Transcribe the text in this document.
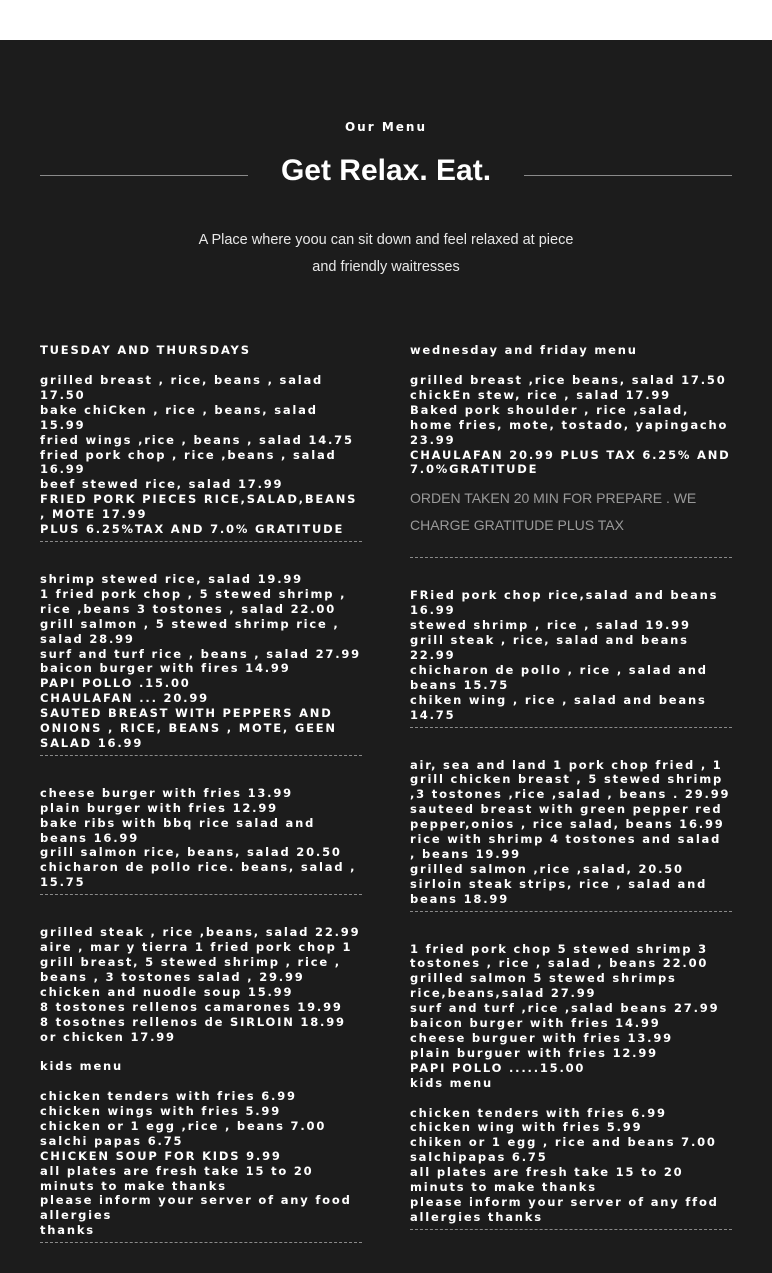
Our Menu
Get Relax. Eat.
A Place where yoou can sit down and feel relaxed at piece and friendly waitresses
TUESDAY AND THURSDAYS
grilled breast , rice, beans , salad 17.50
bake chiCken , rice , beans, salad 15.99
fried wings ,rice , beans , salad 14.75
fried pork chop , rice ,beans , salad 16.99
beef stewed rice, salad 17.99
FRIED PORK PIECES RICE,SALAD,BEANS , MOTE 17.99
PLUS 6.25%TAX AND 7.0% GRATITUDE
shrimp stewed rice, salad 19.99
1 fried pork chop , 5 stewed shrimp , rice ,beans 3 tostones , salad 22.00
grill salmon , 5 stewed shrimp rice , salad 28.99
surf and turf rice , beans , salad 27.99
baicon burger with fires 14.99
PAPI POLLO .15.00
CHAULAFAN ... 20.99
SAUTED BREAST WITH PEPPERS AND ONIONS , RICE, BEANS , MOTE, GEEN SALAD 16.99
cheese burger with fries 13.99
plain burger with fries 12.99
bake ribs with bbq rice salad and beans 16.99
grill salmon rice, beans, salad 20.50
chicharon de pollo rice. beans, salad , 15.75
grilled steak , rice ,beans, salad 22.99
aire , mar y tierra 1 fried pork chop 1 grill breast, 5 stewed shrimp , rice , beans , 3 tostones salad , 29.99
chicken and nuodle soup 15.99
8 tostones rellenos camarones 19.99
8 tosotnes rellenos de SIRLOIN 18.99 or chicken 17.99
kids menu
chicken tenders with fries 6.99
chicken wings with fries 5.99
chicken or 1 egg ,rice , beans 7.00
salchi papas 6.75
CHICKEN SOUP FOR KIDS 9.99
all plates are fresh take 15 to 20 minuts to make thanks
please inform your server of any food allergies
thanks
wednesday and friday menu
grilled breast ,rice beans, salad 17.50
chickEn stew, rice , salad 17.99
Baked pork shoulder , rice ,salad, home fries, mote, tostado, yapingacho 23.99
CHAULAFAN 20.99 PLUS TAX 6.25% AND 7.0%GRATITUDE
ORDEN TAKEN 20 MIN FOR PREPARE . WE CHARGE GRATITUDE PLUS TAX
FRied pork chop rice,salad and beans 16.99
stewed shrimp , rice , salad 19.99
grill steak , rice, salad and beans 22.99
chicharon de pollo , rice , salad and beans 15.75
chiken wing , rice , salad and beans 14.75
air, sea and land 1 pork chop fried , 1 grill chicken breast , 5 stewed shrimp ,3 tostones ,rice ,salad , beans . 29.99
sauteed breast with green pepper red pepper,onios , rice salad, beans 16.99
rice with shrimp 4 tostones and salad , beans 19.99
grilled salmon ,rice ,salad, 20.50
sirloin steak strips, rice , salad and beans 18.99
1 fried pork chop 5 stewed shrimp 3 tostones , rice , salad , beans 22.00
grilled salmon 5 stewed shrimps rice,beans,salad 27.99
surf and turf ,rice ,salad beans 27.99
baicon burger with fries 14.99
cheese burguer with fries 13.99
plain burguer with fries 12.99
PAPI POLLO .....15.00
kids menu
chicken tenders with fries 6.99
chicken wing with fries 5.99
chiken or 1 egg , rice and beans 7.00
salchipapas 6.75
all plates are fresh take 15 to 20 minuts to make thanks
please inform your server of any ffod allergies thanks
